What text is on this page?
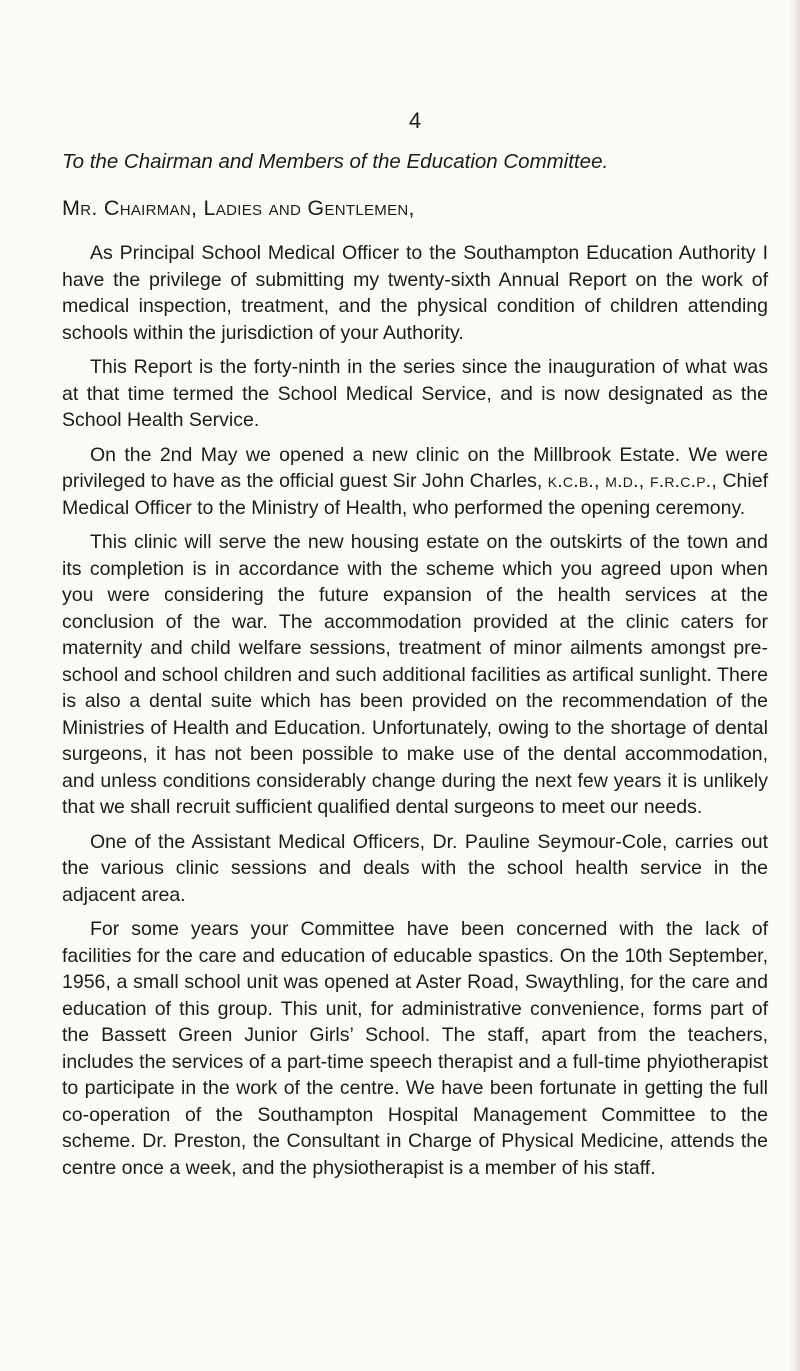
4
To the Chairman and Members of the Education Committee.
Mr. Chairman, Ladies and Gentlemen,

As Principal School Medical Officer to the Southampton Education Authority I have the privilege of submitting my twenty-sixth Annual Report on the work of medical inspection, treatment, and the physical condition of children attending schools within the jurisdiction of your Authority.

This Report is the forty-ninth in the series since the inauguration of what was at that time termed the School Medical Service, and is now designated as the School Health Service.

On the 2nd May we opened a new clinic on the Millbrook Estate. We were privileged to have as the official guest Sir John Charles, k.c.b., m.d., f.r.c.p., Chief Medical Officer to the Ministry of Health, who performed the opening ceremony.

This clinic will serve the new housing estate on the outskirts of the town and its completion is in accordance with the scheme which you agreed upon when you were considering the future expansion of the health services at the conclusion of the war. The accommodation provided at the clinic caters for maternity and child welfare sessions, treatment of minor ailments amongst pre-school and school children and such additional facilities as artifical sunlight. There is also a dental suite which has been provided on the recommendation of the Ministries of Health and Education. Unfortunately, owing to the shortage of dental surgeons, it has not been possible to make use of the dental accommodation, and unless conditions considerably change during the next few years it is unlikely that we shall recruit sufficient qualified dental surgeons to meet our needs.

One of the Assistant Medical Officers, Dr. Pauline Seymour-Cole, carries out the various clinic sessions and deals with the school health service in the adjacent area.

For some years your Committee have been concerned with the lack of facilities for the care and education of educable spastics. On the 10th September, 1956, a small school unit was opened at Aster Road, Swaythling, for the care and education of this group. This unit, for administrative convenience, forms part of the Bassett Green Junior Girls’ School. The staff, apart from the teachers, includes the services of a part-time speech therapist and a full-time phyiotherapist to participate in the work of the centre. We have been fortunate in getting the full co-operation of the Southampton Hospital Management Committee to the scheme. Dr. Preston, the Consultant in Charge of Physical Medicine, attends the centre once a week, and the physiotherapist is a member of his staff.
